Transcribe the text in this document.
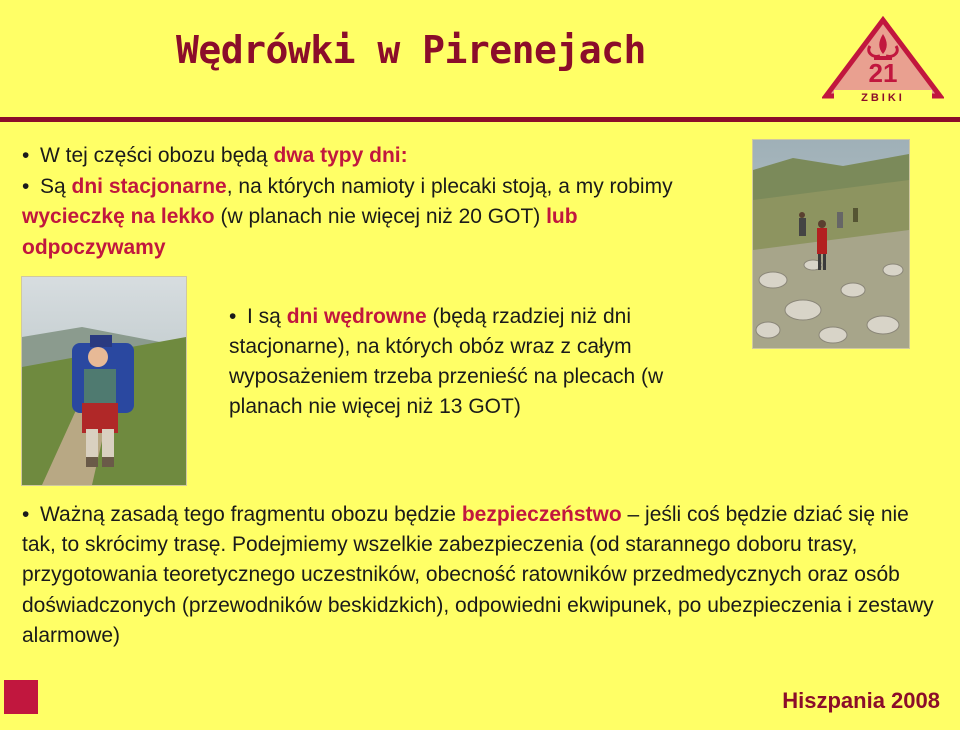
Wędrówki w Pirenejach
21
ZBIKI
• W tej części obozu będą dwa typy dni:
• Są dni stacjonarne, na których namioty i plecaki stoją, a my robimy wycieczkę na lekko (w planach nie więcej niż 20 GOT) lub odpoczywamy
• I są dni wędrowne (będą rzadziej niż dni stacjonarne), na których obóz wraz z całym wyposażeniem trzeba przenieść na plecach (w planach nie więcej niż 13 GOT)
• Ważną zasadą tego fragmentu obozu będzie bezpieczeństwo – jeśli coś będzie dziać się nie tak, to skrócimy trasę. Podejmiemy wszelkie zabezpieczenia (od starannego doboru trasy, przygotowania teoretycznego uczestników, obecność ratowników przedmedycznych oraz osób doświadczonych (przewodników beskidzkich), odpowiedni ekwipunek, po ubezpieczenia i zestawy alarmowe)
Hiszpania 2008
